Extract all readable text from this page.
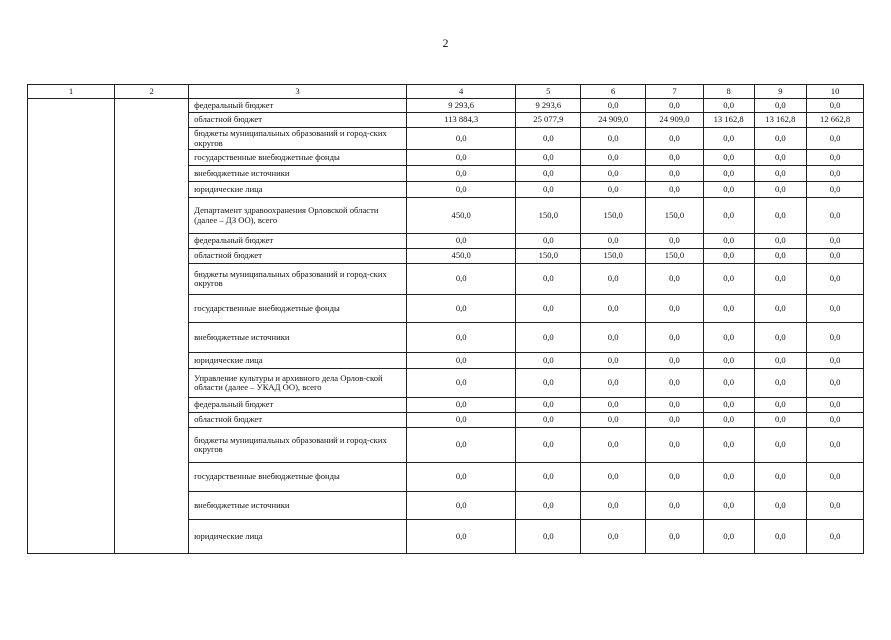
2
1	2	3	4	5	6	7	8	9	10
		федеральный бюджет	9 293,6	9 293,6	0,0	0,0	0,0	0,0	0,0
		областной бюджет	113 884,3	25 077,9	24 909,0	24 909,0	13 162,8	13 162,8	12 662,8
		бюджеты муниципальных образований и город-ских округов	0,0	0,0	0,0	0,0	0,0	0,0	0,0
		государственные внебюджетные фонды	0,0	0,0	0,0	0,0	0,0	0,0	0,0
		внебюджетные источники	0,0	0,0	0,0	0,0	0,0	0,0	0,0
		юридические лица	0,0	0,0	0,0	0,0	0,0	0,0	0,0
		Департамент здравоохранения Орловской области (далее – ДЗ ОО), всего	450,0	150,0	150,0	150,0	0,0	0,0	0,0
		федеральный бюджет	0,0	0,0	0,0	0,0	0,0	0,0	0,0
		областной бюджет	450,0	150,0	150,0	150,0	0,0	0,0	0,0
		бюджеты муниципальных образований и город-ских округов	0,0	0,0	0,0	0,0	0,0	0,0	0,0
		государственные внебюджетные фонды	0,0	0,0	0,0	0,0	0,0	0,0	0,0
		внебюджетные источники	0,0	0,0	0,0	0,0	0,0	0,0	0,0
		юридические лица	0,0	0,0	0,0	0,0	0,0	0,0	0,0
		Управление культуры и архивного дела Орлов-ской области (далее – УКАД ОО), всего	0,0	0,0	0,0	0,0	0,0	0,0	0,0
		федеральный бюджет	0,0	0,0	0,0	0,0	0,0	0,0	0,0
		областной бюджет	0,0	0,0	0,0	0,0	0,0	0,0	0,0
		бюджеты муниципальных образований и город-ских округов	0,0	0,0	0,0	0,0	0,0	0,0	0,0
		государственные внебюджетные фонды	0,0	0,0	0,0	0,0	0,0	0,0	0,0
		внебюджетные источники	0,0	0,0	0,0	0,0	0,0	0,0	0,0
		юридические лица	0,0	0,0	0,0	0,0	0,0	0,0	0,0
